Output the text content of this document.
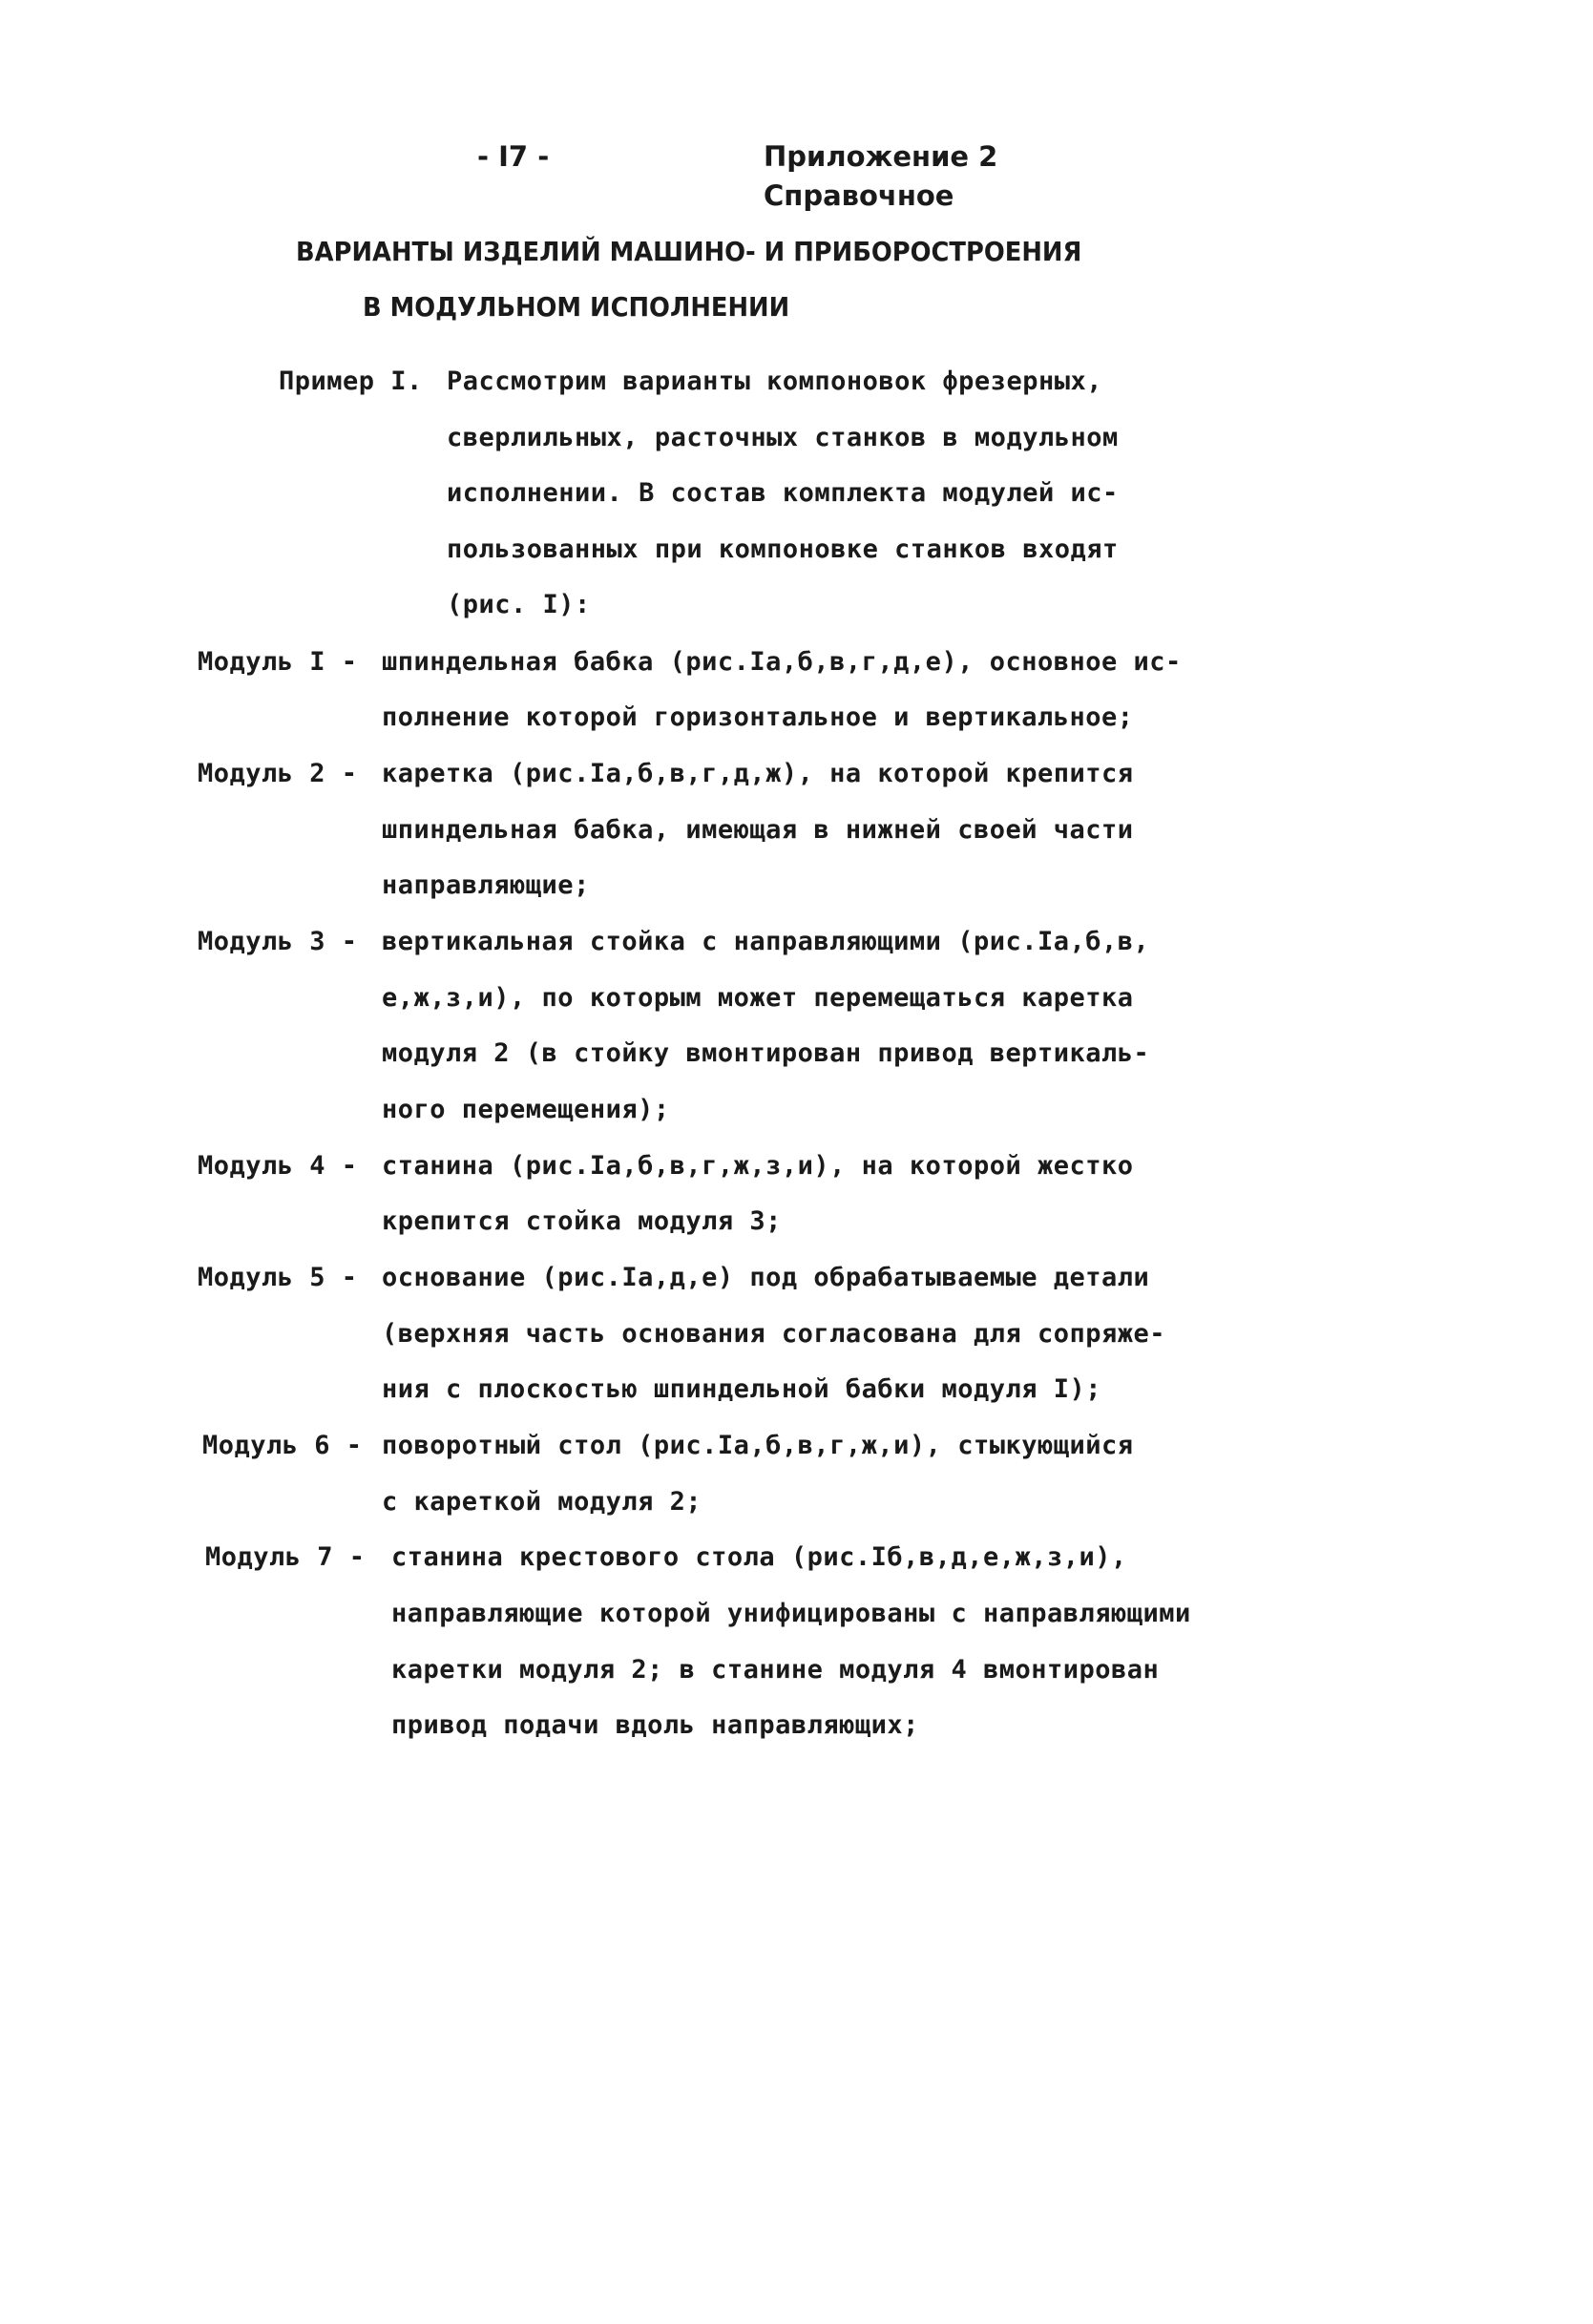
- I7 -	Приложение 2
Справочное
ВАРИАНТЫ ИЗДЕЛИЙ МАШИНО- И ПРИБОРОСТРОЕНИЯ
В МОДУЛЬНОМ ИСПОЛНЕНИИ
Пример I. Рассмотрим варианты компоновок фрезерных,
сверлильных, расточных станков в модульном
исполнении. В состав комплекта модулей ис-
пользованных при компоновке станков входят
(рис. I):
Модуль I - шпиндельная бабка (рис.Iа,б,в,г,д,е), основное ис-
полнение которой горизонтальное и вертикальное;
Модуль 2 - каретка (рис.Iа,б,в,г,д,ж), на которой крепится
шпиндельная бабка, имеющая в нижней своей части
направляющие;
Модуль 3 - вертикальная стойка с направляющими (рис.Iа,б,в,
е,ж,з,и), по которым может перемещаться каретка
модуля 2 (в стойку вмонтирован привод вертикаль-
ного перемещения);
Модуль 4 - станина (рис.Iа,б,в,г,ж,з,и), на которой жестко
крепится стойка модуля 3;
Модуль 5 - основание (рис.Iа,д,е) под обрабатываемые детали
(верхняя часть основания согласована для сопряже-
ния с плоскостью шпиндельной бабки модуля I);
Модуль 6 - поворотный стол (рис.Iа,б,в,г,ж,и), стыкующийся
с кареткой модуля 2;
Модуль 7 - станина крестового стола (рис.Iб,в,д,е,ж,з,и),
направляющие которой унифицированы с направляющими
каретки модуля 2; в станине модуля 4 вмонтирован
привод подачи вдоль направляющих;
